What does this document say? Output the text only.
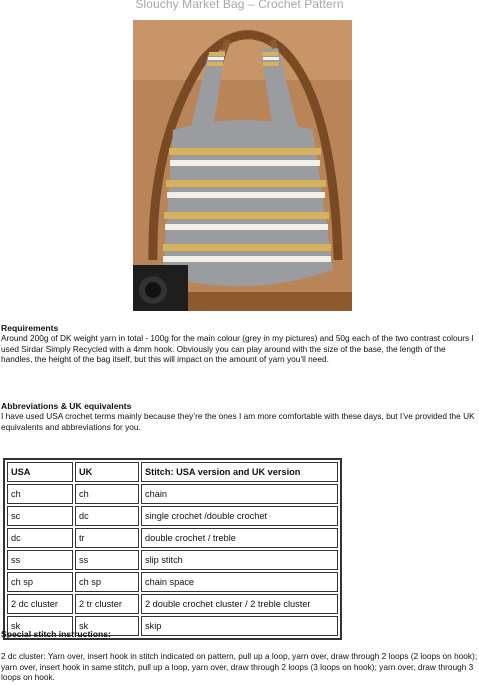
Slouchy Market Bag – Crochet Pattern
Requirements

Around 200g of DK weight yarn in total - 100g for the main colour (grey in my pictures) and 50g each of the two contrast colours I used Sirdar Simply Recycled with a 4mm hook. Obviously you can play around with the size of the base, the length of the handles, the height of the bag itself, but this will impact on the amount of yarn you’ll need.

Abbreviations & UK equivalents

I have used USA crochet terms mainly because they’re the ones I am more comfortable with these days, but I’ve provided the UK equivalents and abbreviations for you.

USA	UK	Stitch: USA version and UK version
ch	ch	chain
sc	dc	single crochet /double crochet
dc	tr	double crochet / treble
ss	ss	slip stitch
ch sp	ch sp	chain space
2 dc cluster	2 tr cluster	2 double crochet cluster / 2 treble cluster
sk	sk	skip
Special stitch instructions:

2 dc cluster: Yarn over, insert hook in stitch indicated on pattern, pull up a loop, yarn over, draw through 2 loops (2 loops on hook); yarn over, insert hook in same stitch, pull up a loop, yarn over, draw through 2 loops (3 loops on hook); yarn over, draw through 3 loops on hook.
